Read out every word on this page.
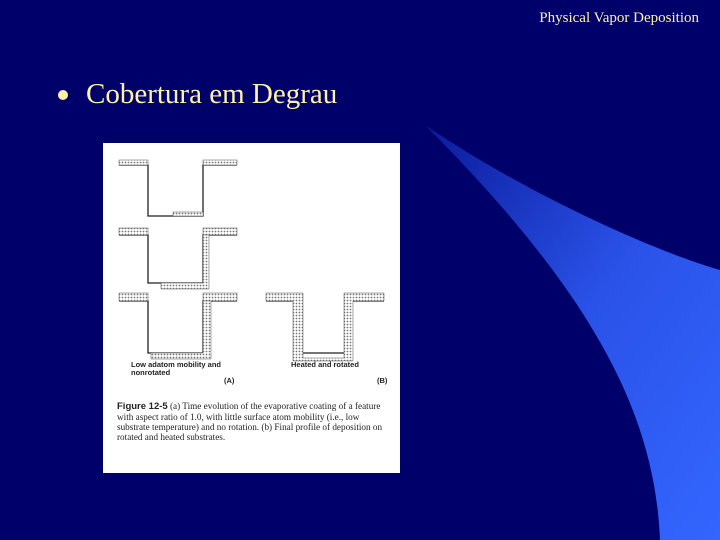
Physical Vapor Deposition
Cobertura em Degrau
Low adatom mobility and nonrotated
(A)
Heated and rotated
(B)
Figure 12-5 (a) Time evolution of the evaporative coating of a feature with aspect ratio of 1.0, with little surface atom mobility (i.e., low substrate temperature) and no rotation. (b) Final profile of deposition on rotated and heated substrates.
